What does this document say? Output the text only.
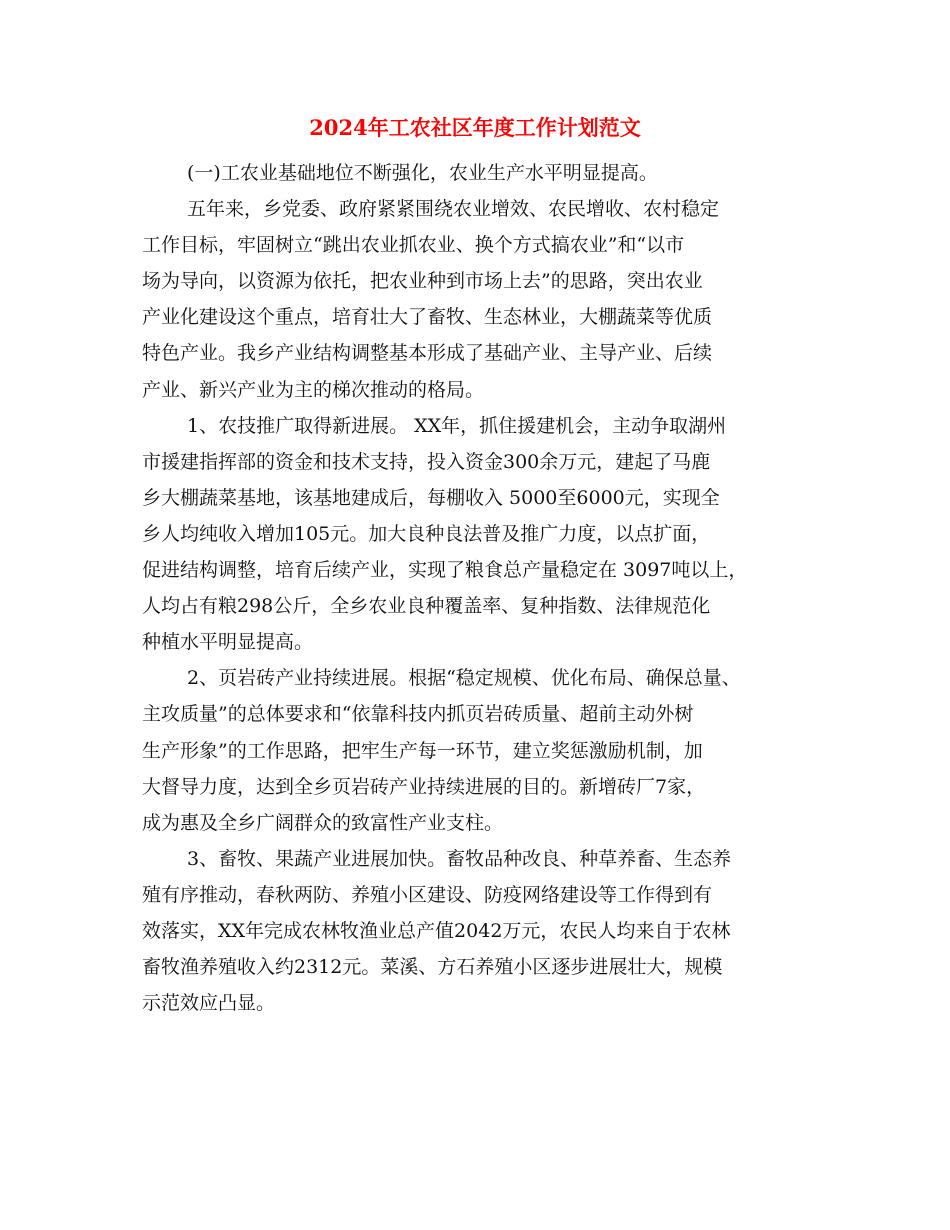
2024年工农社区年度工作计划范文
(一)工农业基础地位不断强化，农业生产水平明显提高。
五年来，乡党委、政府紧紧围绕农业增效、农民增收、农村稳定
工作目标，牢固树立“跳出农业抓农业、换个方式搞农业”和“以市
场为导向，以资源为依托，把农业种到市场上去”的思路，突出农业
产业化建设这个重点，培育壮大了畜牧、生态林业，大棚蔬菜等优质
特色产业。我乡产业结构调整基本形成了基础产业、主导产业、后续
产业、新兴产业为主的梯次推动的格局。
1、农技推广取得新进展。 XX年，抓住援建机会，主动争取湖州
市援建指挥部的资金和技术支持，投入资金300余万元，建起了马鹿
乡大棚蔬菜基地，该基地建成后，每棚收入 5000至6000元，实现全
乡人均纯收入增加105元。加大良种良法普及推广力度，以点扩面，
促进结构调整，培育后续产业，实现了粮食总产量稳定在 3097吨以上，
人均占有粮298公斤，全乡农业良种覆盖率、复种指数、法律规范化
种植水平明显提高。
2、页岩砖产业持续进展。根据“稳定规模、优化布局、确保总量、
主攻质量”的总体要求和“依靠科技内抓页岩砖质量、超前主动外树
生产形象”的工作思路，把牢生产每一环节，建立奖惩激励机制，加
大督导力度，达到全乡页岩砖产业持续进展的目的。新增砖厂7家，
成为惠及全乡广阔群众的致富性产业支柱。
3、畜牧、果蔬产业进展加快。畜牧品种改良、种草养畜、生态养
殖有序推动，春秋两防、养殖小区建设、防疫网络建设等工作得到有
效落实，XX年完成农林牧渔业总产值2042万元，农民人均来自于农林
畜牧渔养殖收入约2312元。菜溪、方石养殖小区逐步进展壮大，规模
示范效应凸显。
